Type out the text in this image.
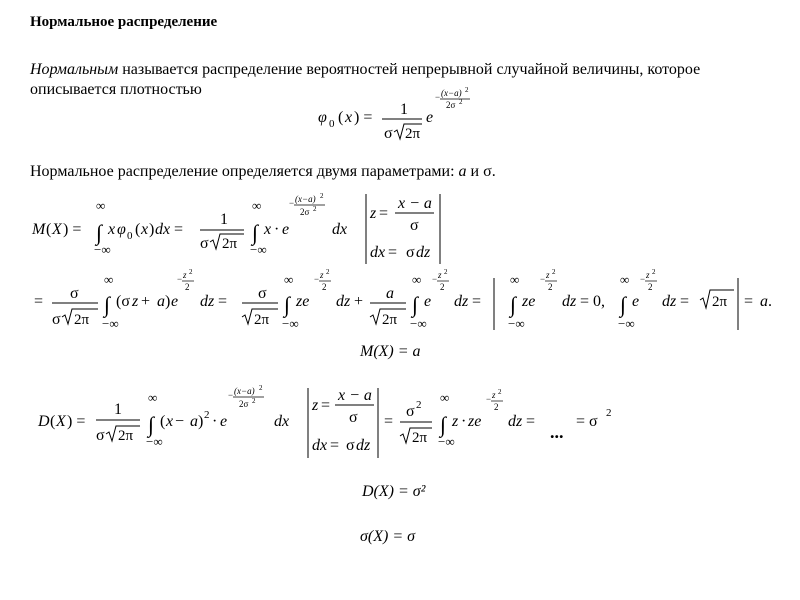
Нормальное распределение
Нормальным называется распределение вероятностей непрерывной случайной величины, которое описывается плотностью
φ 0 ( x ) = 1
σ 2π
e
− (x−a) 2
2σ 2
Нормальное распределение определяется двумя параметрами: a и σ.
M ( X ) =
∞
∫
−∞
x φ 0 ( x ) dx =
1
σ 2π
∞
∫
−∞
x · e
− (x−a) 2
2σ 2
dx
z =
x − a
σ
dx = σ dz
= σ
σ 2π
∞
∫
−∞
(σ z + a ) e
− z 2
2
dz = σ
2π
∞
∫
−∞
ze
− z 2
2
dz + a
2π
∞
∫
−∞
e
− z 2
2
dz =
∞
∫
−∞
ze
− z 2
2
dz = 0,
∞
∫
−∞
e
− z 2
2
dz = 2π = a .
M(X) = a
D ( X ) =
1
σ 2π
∞
∫
−∞
( x − a ) 2 · e
− (x−a) 2
2σ 2
dx
z =
x − a
σ
dx = σ dz
=
σ 2
2π
∞
∫
−∞
z · ze
− z 2
2
dz =
...
= σ 2
D(X) = σ²
σ(X) = σ
